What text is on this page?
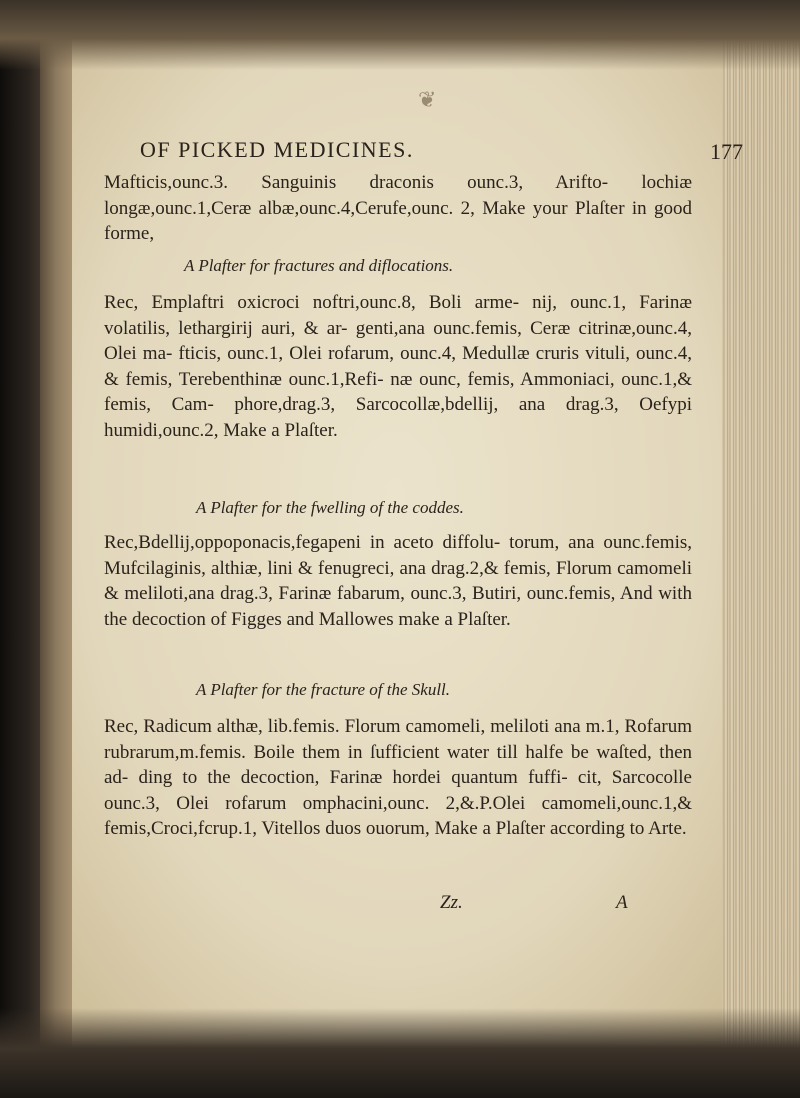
❦
OF PICKED MEDICINES.	177

Mafticis,ounc.3. Sanguinis draconis ounc.3, Arifto- lochiæ longæ,ounc.1,Ceræ albæ,ounc.4,Cerufe,ounc. 2, Make your Plaſter in good forme,

A Plafter for fractures and diflocations.

Rec, Emplaftri oxicroci noftri,ounc.8, Boli arme- nij, ounc.1, Farinæ volatilis, lethargirij auri, & ar- genti,ana ounc.femis, Ceræ citrinæ,ounc.4, Olei ma- fticis, ounc.1, Olei rofarum, ounc.4, Medullæ cruris vituli, ounc.4, & femis, Terebenthinæ ounc.1,Refi- næ ounc, femis, Ammoniaci, ounc.1,& femis, Cam- phore,drag.3, Sarcocollæ,bdellij, ana drag.3, Oefypi humidi,ounc.2, Make a Plaſter.

A Plafter for the fwelling of the coddes.

Rec,Bdellij,oppoponacis,fegapeni in aceto diffolu- torum, ana ounc.femis, Mufcilaginis, althiæ, lini & fenugreci, ana drag.2,& femis, Florum camomeli & meliloti,ana drag.3, Farinæ fabarum, ounc.3, Butiri, ounc.femis, And with the decoction of Figges and Mallowes make a Plaſter.

A Plafter for the fracture of the Skull.

Rec, Radicum althæ, lib.femis. Florum camomeli, meliloti ana m.1, Rofarum rubrarum,m.femis. Boile them in ſufficient water till halfe be waſted, then ad- ding to the decoction, Farinæ hordei quantum fuffi- cit, Sarcocolle ounc.3, Olei rofarum omphacini,ounc. 2,&.P.Olei camomeli,ounc.1,& femis,Croci,fcrup.1, Vitellos duos ouorum, Make a Plaſter according to Arte.

Zz.	A
